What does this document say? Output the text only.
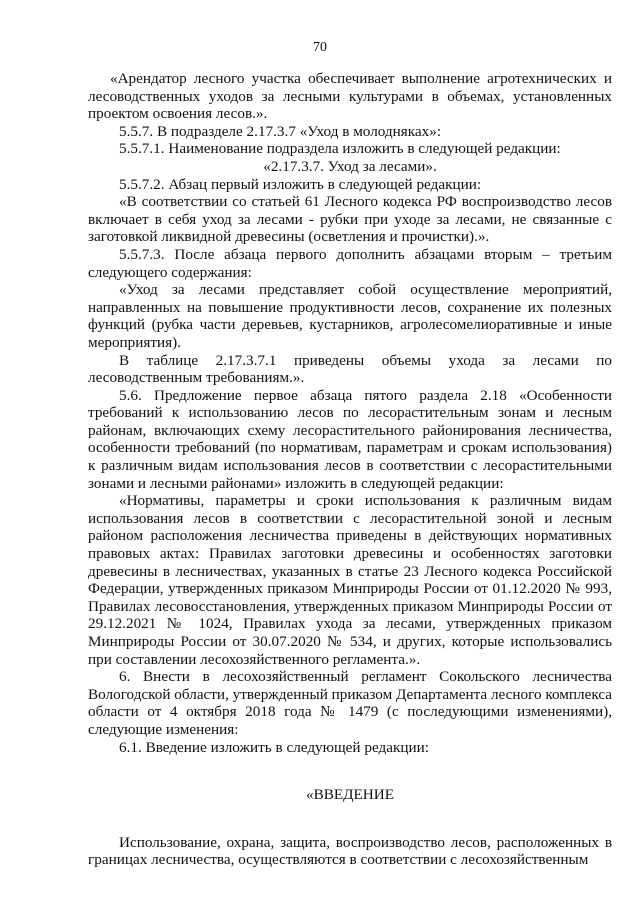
70

«Арендатор лесного участка обеспечивает выполнение агротехнических и лесоводственных уходов за лесными культурами в объемах, установленных проектом освоения лесов.».

5.5.7. В подразделе 2.17.3.7 «Уход в молодняках»:

5.5.7.1. Наименование подраздела изложить в следующей редакции:

«2.17.3.7. Уход за лесами».

5.5.7.2. Абзац первый изложить в следующей редакции:

«В соответствии со статьей 61 Лесного кодекса РФ воспроизводство лесов включает в себя уход за лесами - рубки при уходе за лесами, не связанные с заготовкой ликвидной древесины (осветления и прочистки).».

5.5.7.3. После абзаца первого дополнить абзацами вторым – третьим следующего содержания:

«Уход за лесами представляет собой осуществление мероприятий, направленных на повышение продуктивности лесов, сохранение их полезных функций (рубка части деревьев, кустарников, агролесомелиоративные и иные мероприятия).

В таблице 2.17.3.7.1 приведены объемы ухода за лесами по лесоводственным требованиям.».

5.6. Предложение первое абзаца пятого раздела 2.18 «Особенности требований к использованию лесов по лесорастительным зонам и лесным районам, включающих схему лесорастительного районирования лесничества, особенности требований (по нормативам, параметрам и срокам использования) к различным видам использования лесов в соответствии с лесорастительными зонами и лесными районами» изложить в следующей редакции:

«Нормативы, параметры и сроки использования к различным видам использования лесов в соответствии с лесорастительной зоной и лесным районом расположения лесничества приведены в действующих нормативных правовых актах: Правилах заготовки древесины и особенностях заготовки древесины в лесничествах, указанных в статье 23 Лесного кодекса Российской Федерации, утвержденных приказом Минприроды России от 01.12.2020 № 993, Правилах лесовосстановления, утвержденных приказом Минприроды России от 29.12.2021 № 1024, Правилах ухода за лесами, утвержденных приказом Минприроды России от 30.07.2020 № 534, и других, которые использовались при составлении лесохозяйственного регламента.».

6. Внести в лесохозяйственный регламент Сокольского лесничества Вологодской области, утвержденный приказом Департамента лесного комплекса области от 4 октября 2018 года № 1479 (с последующими изменениями), следующие изменения:

6.1. Введение изложить в следующей редакции:

«ВВЕДЕНИЕ

Использование, охрана, защита, воспроизводство лесов, расположенных в границах лесничества, осуществляются в соответствии с лесохозяйственным
